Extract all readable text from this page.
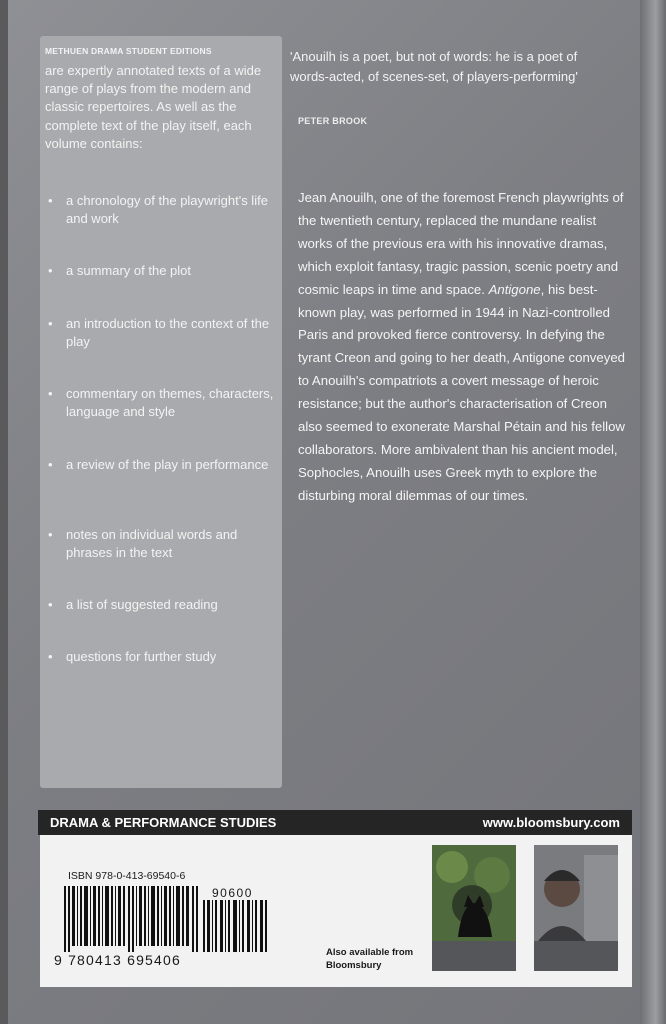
METHUEN DRAMA STUDENT EDITIONS
are expertly annotated texts of a wide range of plays from the modern and classic repertoires. As well as the complete text of the play itself, each volume contains:
•	a chronology of the playwright's life and work
•	a summary of the plot
•	an introduction to the context of the play
•	commentary on themes, characters, language and style
•	a review of the play in performance
•	notes on individual words and phrases in the text
•	a list of suggested reading
•	questions for further study
'Anouilh is a poet, but not of words: he is a poet of words-acted, of scenes-set, of players-performing'
PETER BROOK
Jean Anouilh, one of the foremost French playwrights of the twentieth century, replaced the mundane realist works of the previous era with his innovative dramas, which exploit fantasy, tragic passion, scenic poetry and cosmic leaps in time and space. Antigone, his best-known play, was performed in 1944 in Nazi-controlled Paris and provoked fierce controversy. In defying the tyrant Creon and going to her death, Antigone conveyed to Anouilh's compatriots a covert message of heroic resistance; but the author's characterisation of Creon also seemed to exonerate Marshal Pétain and his fellow collaborators. More ambivalent than his ancient model, Sophocles, Anouilh uses Greek myth to explore the disturbing moral dilemmas of our times.
DRAMA & PERFORMANCE STUDIES	www.bloomsbury.com
ISBN 978-0-413-69540-6
90600
9 780413 695406	Also available from Bloomsbury
